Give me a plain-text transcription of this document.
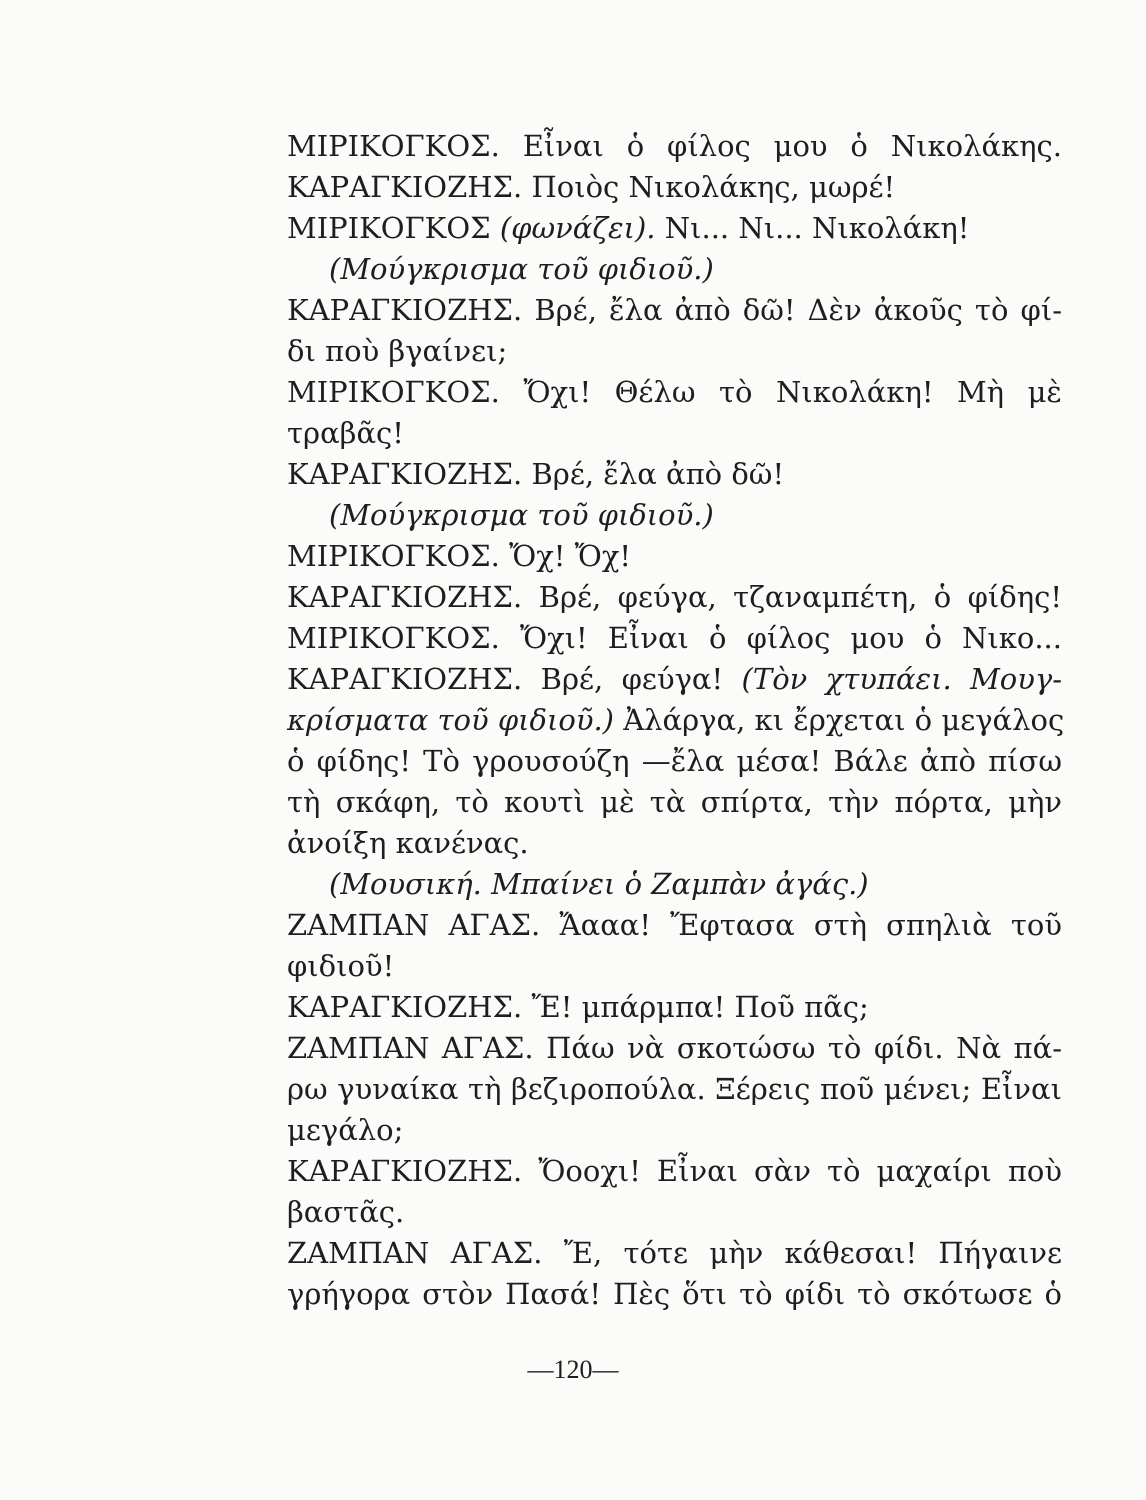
ΜΙΡΙΚΟΓΚΟΣ. Εἶναι ὁ φίλος μου ὁ Νικολάκης.
ΚΑΡΑΓΚΙΟΖΗΣ. Ποιὸς Νικολάκης, μωρέ!
ΜΙΡΙΚΟΓΚΟΣ (φωνάζει). Νι... Νι... Νικολάκη!
(Μούγκρισμα τοῦ φιδιοῦ.)
ΚΑΡΑΓΚΙΟΖΗΣ. Βρέ, ἔλα ἀπὸ δῶ! Δὲν ἀκοῦς τὸ φί-
δι ποὺ βγαίνει;
ΜΙΡΙΚΟΓΚΟΣ. Ὄχι! Θέλω τὸ Νικολάκη! Μὴ μὲ
τραβᾶς!
ΚΑΡΑΓΚΙΟΖΗΣ. Βρέ, ἔλα ἀπὸ δῶ!
(Μούγκρισμα τοῦ φιδιοῦ.)
ΜΙΡΙΚΟΓΚΟΣ. Ὄχ! Ὄχ!
ΚΑΡΑΓΚΙΟΖΗΣ. Βρέ, φεύγα, τζαναμπέτη, ὁ φίδης!
ΜΙΡΙΚΟΓΚΟΣ. Ὄχι! Εἶναι ὁ φίλος μου ὁ Νικο...
ΚΑΡΑΓΚΙΟΖΗΣ. Βρέ, φεύγα! (Τὸν χτυπάει. Μουγ-
κρίσματα τοῦ φιδιοῦ.) Ἀλάργα, κι ἔρχεται ὁ μεγάλος
ὁ φίδης! Τὸ γρουσούζη —ἔλα μέσα! Βάλε ἀπὸ πίσω
τὴ σκάφη, τὸ κουτὶ μὲ τὰ σπίρτα, τὴν πόρτα, μὴν
ἀνοίξη κανένας.
(Μουσική. Μπαίνει ὁ Ζαμπὰν ἀγάς.)
ΖΑΜΠΑΝ ΑΓΑΣ. Ἄααα! Ἔφτασα στὴ σπηλιὰ τοῦ
φιδιοῦ!
ΚΑΡΑΓΚΙΟΖΗΣ. Ἔ! μπάρμπα! Ποῦ πᾶς;
ΖΑΜΠΑΝ ΑΓΑΣ. Πάω νὰ σκοτώσω τὸ φίδι. Νὰ πά-
ρω γυναίκα τὴ βεζιροπούλα. Ξέρεις ποῦ μένει; Εἶναι
μεγάλο;
ΚΑΡΑΓΚΙΟΖΗΣ. Ὄοοχι! Εἶναι σὰν τὸ μαχαίρι ποὺ
βαστᾶς.
ΖΑΜΠΑΝ ΑΓΑΣ. Ἔ, τότε μὴν κάθεσαι! Πήγαινε
γρήγορα στὸν Πασά! Πὲς ὅτι τὸ φίδι τὸ σκότωσε ὁ
—120—
